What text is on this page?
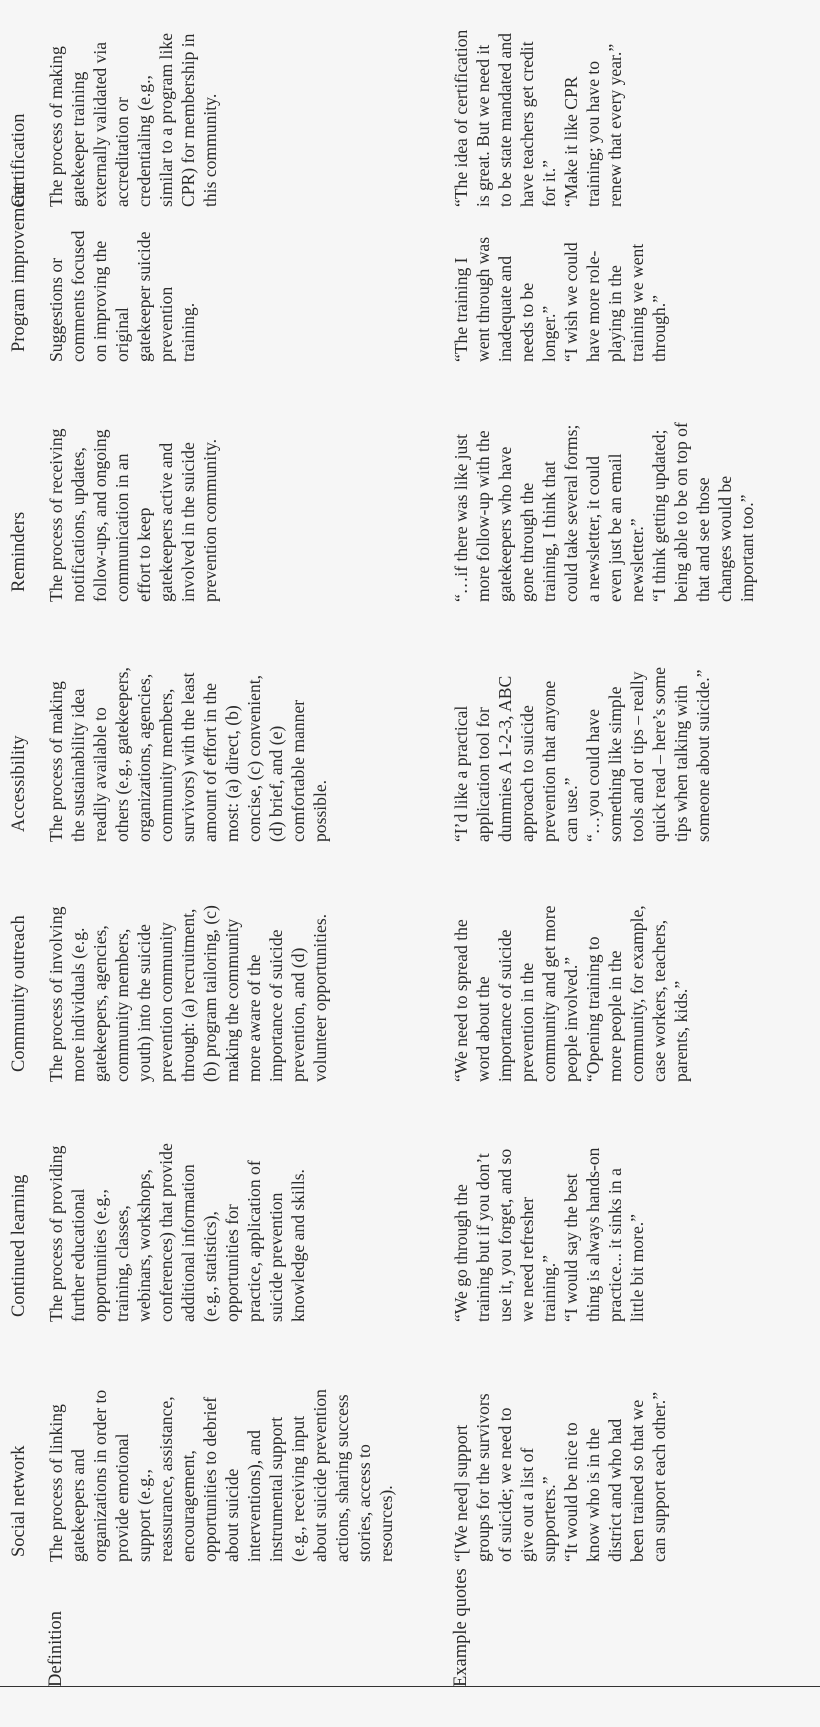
Social network
Continued learning
Community outreach
Accessibility
Reminders
Program improvement
Certification
Definition	Example quotes
The process of linking gatekeepers and organizations in order to provide emotional support (e.g., reassurance, assistance, encouragement, opportunities to debrief about suicide interventions), and instrumental support (e.g., receiving input about suicide prevention actions, sharing success stories, access to resources).
The process of providing further educational opportunities (e.g., training, classes, webinars, workshops, conferences) that provide additional information (e.g., statistics), opportunities for practice, application of suicide prevention knowledge and skills.
The process of involving more individuals (e.g. gatekeepers, agencies, community members, youth) into the suicide prevention community through: (a) recruitment, (b) program tailoring, (c) making the community more aware of the importance of suicide prevention, and (d) volunteer opportunities.
The process of making the sustainability idea readily available to others (e.g., gatekeepers, organizations, agencies, community members, survivors) with the least amount of effort in the most: (a) direct, (b) concise, (c) convenient, (d) brief, and (e) comfortable manner possible.
The process of receiving notifications, updates, follow-ups, and ongoing communication in an effort to keep gatekeepers active and involved in the suicide prevention community.
Suggestions or comments focused on improving the original gatekeeper suicide prevention training.
The process of making gatekeeper training externally validated via accreditation or credentialing (e.g., similar to a program like CPR) for membership in this community.
“[We need] support groups for the survivors of suicide; we need to give out a list of supporters.” “It would be nice to know who is in the district and who had been trained so that we can support each other.”
“We go through the training but if you don’t use it, you forget, and so we need refresher training.” “I would say the best thing is always hands-on practice... it sinks in a little bit more.”
“We need to spread the word about the importance of suicide prevention in the community and get more people involved.” “Opening training to more people in the community, for example, case workers, teachers, parents, kids.”
“I’d like a practical application tool for dummies A 1-2-3, ABC approach to suicide prevention that anyone can use.” “…you could have something like simple tools and or tips – really quick read – here’s some tips when talking with someone about suicide.”
“…if there was like just more follow-up with the gatekeepers who have gone through the training, I think that could take several forms; a newsletter, it could even just be an email newsletter.” “I think getting updated; being able to be on top of that and see those changes would be important too.”
“The training I went through was inadequate and needs to be longer.” “I wish we could have more role-playing in the training we went through.”
“The idea of certification is great. But we need it to be state mandated and have teachers get credit for it.” “Make it like CPR training; you have to renew that every year.”
